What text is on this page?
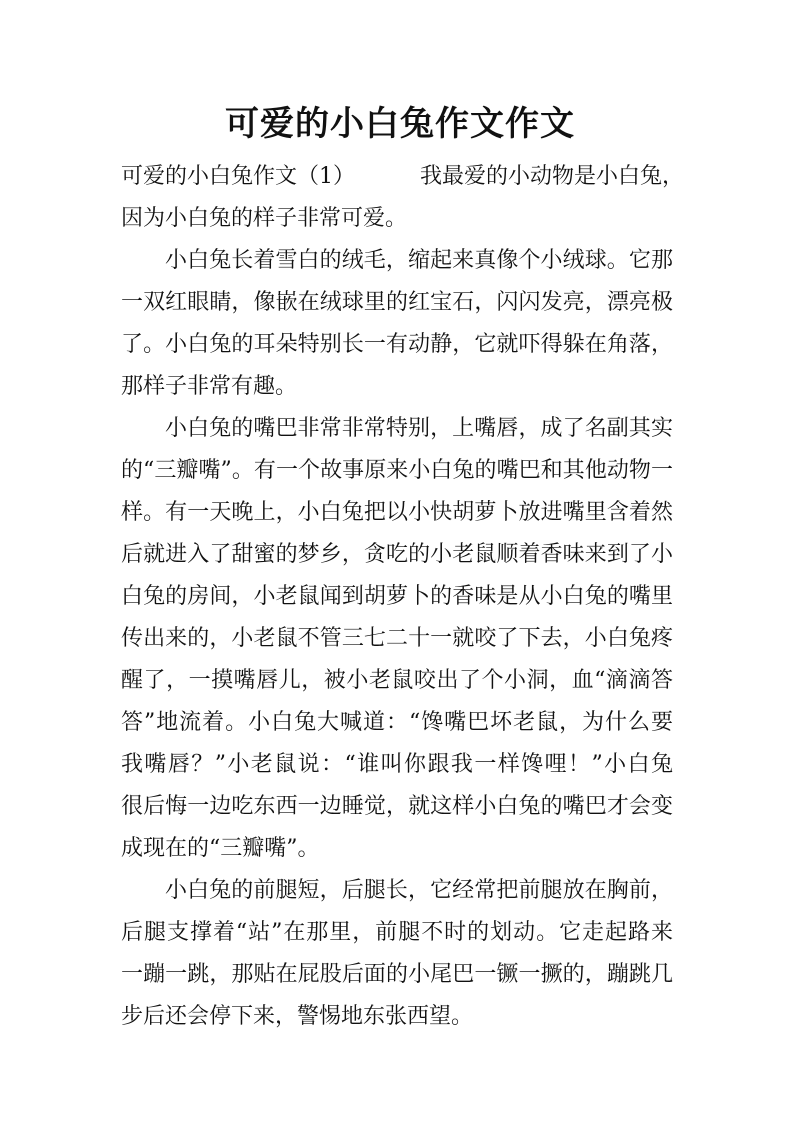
可爱的小白兔作文作文
可爱的小白兔作文（1）	我最爱的小动物是小白兔，
因为小白兔的样子非常可爱。
小白兔长着雪白的绒毛，缩起来真像个小绒球。它那
一双红眼睛，像嵌在绒球里的红宝石，闪闪发亮，漂亮极
了。小白兔的耳朵特别长一有动静，它就吓得躲在角落，
那样子非常有趣。
小白兔的嘴巴非常非常特别，上嘴唇，成了名副其实
的“三瓣嘴”。有一个故事原来小白兔的嘴巴和其他动物一
样。有一天晚上，小白兔把以小快胡萝卜放进嘴里含着然
后就进入了甜蜜的梦乡，贪吃的小老鼠顺着香味来到了小
白兔的房间，小老鼠闻到胡萝卜的香味是从小白兔的嘴里
传出来的，小老鼠不管三七二十一就咬了下去，小白兔疼
醒了，一摸嘴唇儿，被小老鼠咬出了个小洞，血“滴滴答
答”地流着。小白兔大喊道：“馋嘴巴坏老鼠，为什么要
我嘴唇？”小老鼠说：“谁叫你跟我一样馋哩！”小白兔
很后悔一边吃东西一边睡觉，就这样小白兔的嘴巴才会变
成现在的“三瓣嘴”。
小白兔的前腿短，后腿长，它经常把前腿放在胸前，
后腿支撑着“站”在那里，前腿不时的划动。它走起路来
一蹦一跳，那贴在屁股后面的小尾巴一镢一撅的，蹦跳几
步后还会停下来，警惕地东张西望。
